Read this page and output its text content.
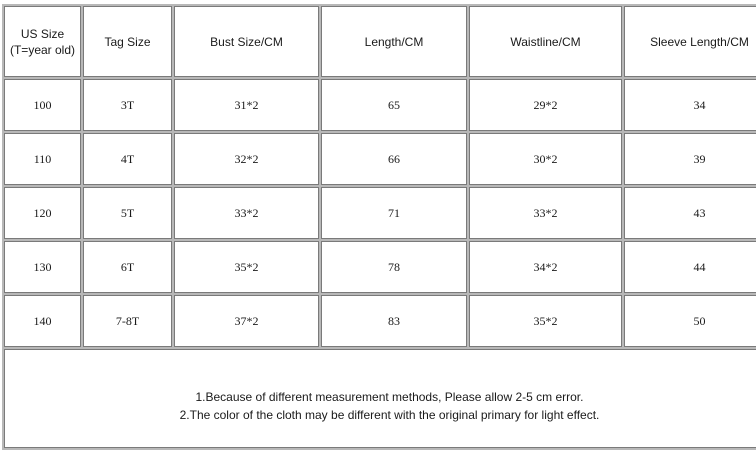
US Size
(T=year old)	Tag Size	Bust Size/CM	Length/CM	Waistline/CM	Sleeve Length/CM
100	3T	31*2	65	29*2	34
110	4T	32*2	66	30*2	39
120	5T	33*2	71	33*2	43
130	6T	35*2	78	34*2	44
140	7-8T	37*2	83	35*2	50

1.Because of different measurement methods, Please allow 2-5 cm error.
2.The color of the cloth may be different with the original primary for light effect.					
